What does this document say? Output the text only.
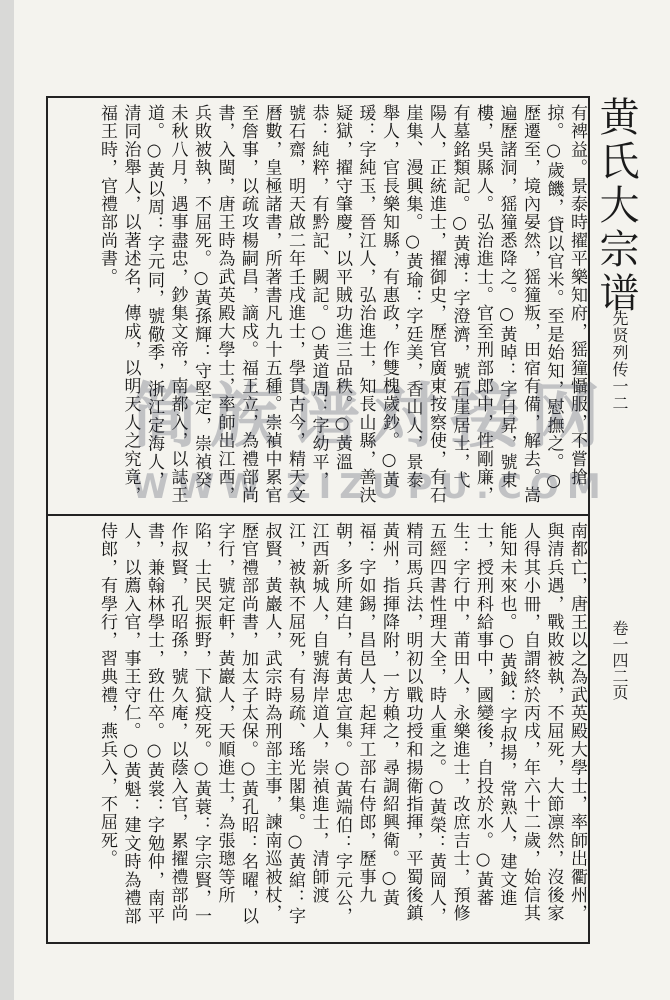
黄氏大宗谱
先贤列传一二
卷一四二页

有裨益。景泰時擢平樂知府，猺獞懾服，不嘗搶掠。○歲饑，貸以官米。至是始知，慰撫之。○歷遷至，境內晏然，猺獞叛，田宿有備，解去。嵩遍歷諸洞，猺獞悉降之。○黃晫：字日昇，號東樓，吳縣人。弘治進士。官至刑部郎中，性剛廉，有墓銘類記。○黃溥：字澄濟，號石崖居士，弋陽人，正統進士，擢御史，歷官廣東按察使，有石崖集、漫興集。○黃瑜：字廷美，香山人，景泰舉人，官長樂知縣，有惠政，作雙槐歲鈔。○黃瑗：字純玉，晉江人，弘治進士，知長山縣，善決疑獄，擢守肇慶，以平賊功進三品秩。○黃溫恭：純粹，有黔記、闕記。○黃道周：字幼平，號石齋，明天啟二年壬戌進士，學貫古今，精天文曆數，皇極諸書，所著書凡九十五種。崇禎中累官至詹事，以疏攻楊嗣昌，謫戍。福王立，為禮部尚書，入閩，唐王時為武英殿大學士，率師出江西，兵敗被執，不屈死。○黃孫輝：守堅定，崇禎癸未秋八月，遇事盡忠，鈔集文帝，南都入，以誌王道。○黃以周：字元同，號儆季，浙江定海人，清同治舉人，以著述名，傳成，以明天人之究竟，福王時，官禮部尚書。

南都亡，唐王以之為武英殿大學士，率師出衢州，與清兵遇，戰敗被執，不屈死，大節凛然，沒後家人得其小冊，自謂終於丙戌，年六十二歲，始信其能知未來也。○黃鉞：字叔揚，常熟人，建文進士，授刑科給事中，國變後，自投於水。○黃蕃生：字行中，莆田人，永樂進士，改庶吉士，預修五經四書性理大全，時人重之。○黃榮：黃岡人，精司馬兵法，明初以戰功授和揚衛指揮，平蜀後鎮黃州，指揮降附，一方賴之，尋調紹興衛。○黃福：字如錫，昌邑人，起拜工部右侍郎，歷事九朝，多所建白，有黃忠宣集。○黃端伯：字元公，江西新城人，自號海岸道人，崇禎進士，清師渡江，被執不屈死，有易疏、瑤光閣集。○黃綰：字叔賢，黃巖人，武宗時為刑部主事，諫南巡被杖，歷官禮部尚書，加太子太保。○黃孔昭：名曜，以字行，號定軒，黃巖人，天順進士，為張璁等所陷，士民哭振野，下獄疫死。○黃蓑：字宗賢，一作叔賢，孔昭孫，號久庵，以蔭入官，累擢禮部尚書，兼翰林學士，致仕卒。○黃裳：字勉仲，南平人，以薦入官，事王守仁。○黃魁：建文時為禮部侍郎，有學行，習典禮，燕兵入，不屈死。

简族谱对接网
WWW.ZIZUPU.COM
